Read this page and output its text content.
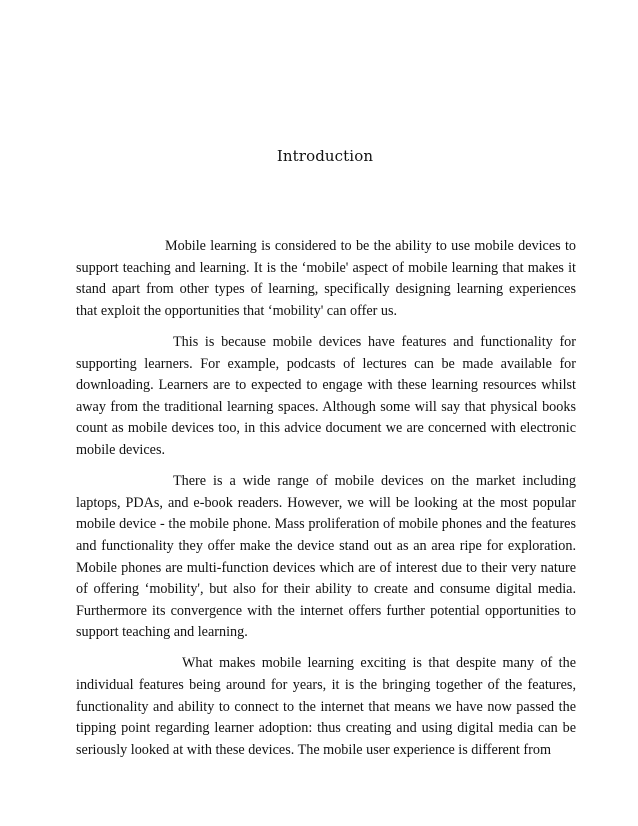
Introduction

Mobile learning is considered to be the ability to use mobile devices to support teaching and learning. It is the ‘mobile' aspect of mobile learning that makes it stand apart from other types of learning, specifically designing learning experiences that exploit the opportunities that ‘mobility' can offer us.

This is because mobile devices have features and functionality for supporting learners. For example, podcasts of lectures can be made available for downloading. Learners are to expected to engage with these learning resources whilst away from the traditional learning spaces. Although some will say that physical books count as mobile devices too, in this advice document we are concerned with electronic mobile devices.

There is a wide range of mobile devices on the market including laptops, PDAs, and e-book readers. However, we will be looking at the most popular mobile device - the mobile phone. Mass proliferation of mobile phones and the features and functionality they offer make the device stand out as an area ripe for exploration. Mobile phones are multi-function devices which are of interest due to their very nature of offering ‘mobility', but also for their ability to create and consume digital media. Furthermore its convergence with the internet offers further potential opportunities to support teaching and learning.

What makes mobile learning exciting is that despite many of the individual features being around for years, it is the bringing together of the features, functionality and ability to connect to the internet that means we have now passed the tipping point regarding learner adoption: thus creating and using digital media can be seriously looked at with these devices. The mobile user experience is different from
